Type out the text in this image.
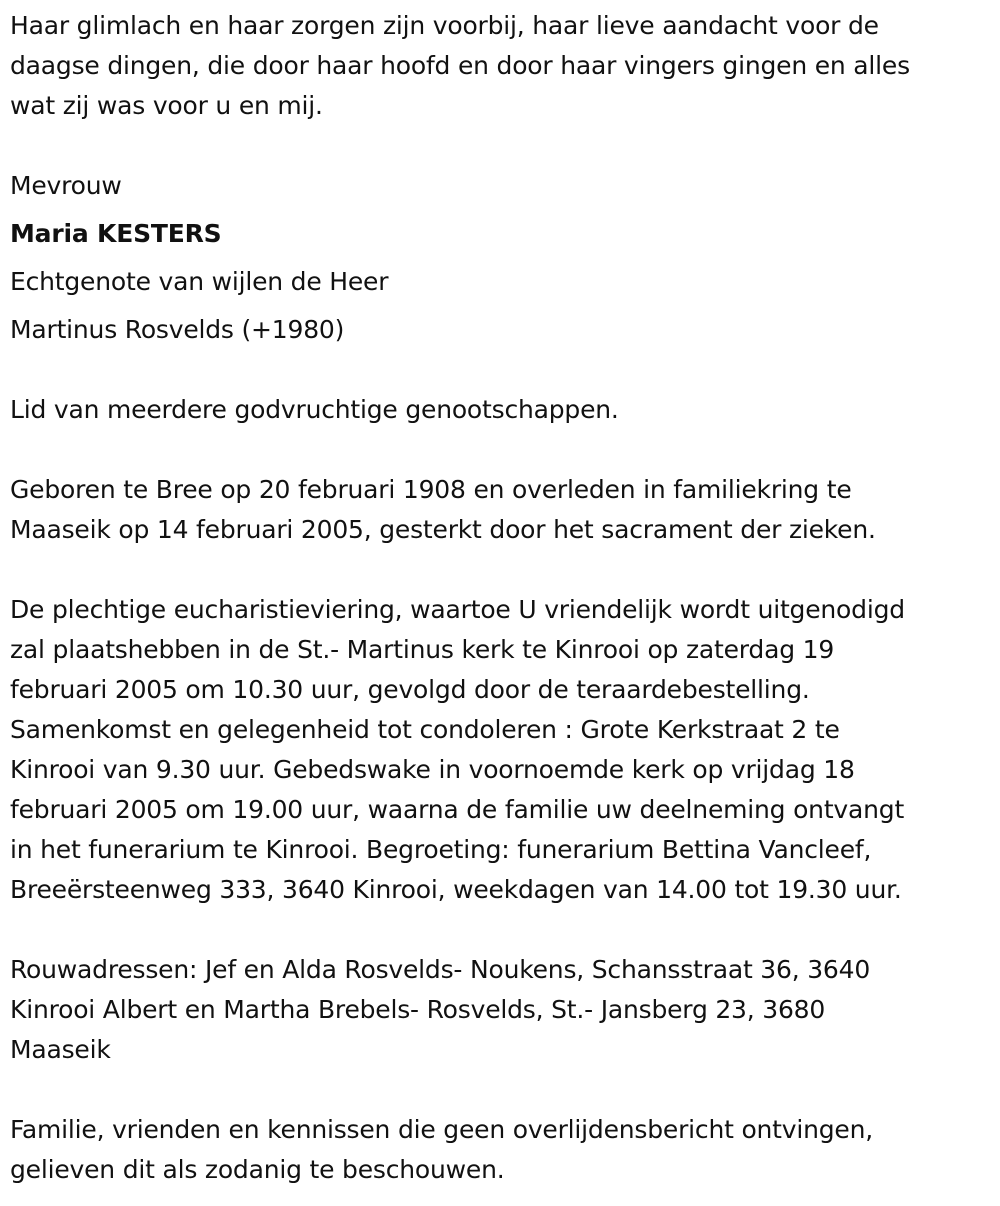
Haar glimlach en haar zorgen zijn voorbij, haar lieve aandacht voor de
daagse dingen, die door haar hoofd en door haar vingers gingen en alles
wat zij was voor u en mij.
Mevrouw
Maria KESTERS
Echtgenote van wijlen de Heer
Martinus Rosvelds (+1980)
Lid van meerdere godvruchtige genootschappen.
Geboren te Bree op 20 februari 1908 en overleden in familiekring te
Maaseik op 14 februari 2005, gesterkt door het sacrament der zieken.
De plechtige eucharistieviering, waartoe U vriendelijk wordt uitgenodigd
zal plaatshebben in de St.- Martinus kerk te Kinrooi op zaterdag 19
februari 2005 om 10.30 uur, gevolgd door de teraardebestelling.
Samenkomst en gelegenheid tot condoleren : Grote Kerkstraat 2 te
Kinrooi van 9.30 uur. Gebedswake in voornoemde kerk op vrijdag 18
februari 2005 om 19.00 uur, waarna de familie uw deelneming ontvangt
in het funerarium te Kinrooi. Begroeting: funerarium Bettina Vancleef,
Breeërsteenweg 333, 3640 Kinrooi, weekdagen van 14.00 tot 19.30 uur.
Rouwadressen: Jef en Alda Rosvelds- Noukens, Schansstraat 36, 3640
Kinrooi Albert en Martha Brebels- Rosvelds, St.- Jansberg 23, 3680
Maaseik
Familie, vrienden en kennissen die geen overlijdensbericht ontvingen,
gelieven dit als zodanig te beschouwen.
